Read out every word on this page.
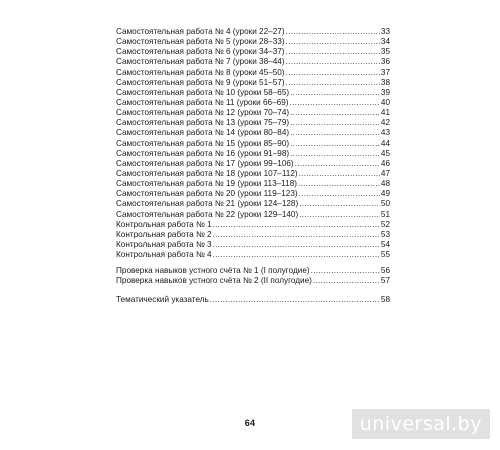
Самостоятельная работа № 4 (уроки 22–27) .....	33
Самостоятельная работа № 5 (уроки 28–33) .....	34
Самостоятельная работа № 6 (уроки 34–37) .....	35
Самостоятельная работа № 7 (уроки 38–44) .....	36
Самостоятельная работа № 8 (уроки 45–50) .....	37
Самостоятельная работа № 9 (уроки 51–57) .....	38
Самостоятельная работа № 10 (уроки 58–65) .....	39
Самостоятельная работа № 11 (уроки 66–69) .....	40
Самостоятельная работа № 12 (уроки 70–74) .....	41
Самостоятельная работа № 13 (уроки 75–79) .....	42
Самостоятельная работа № 14 (уроки 80–84) .....	43
Самостоятельная работа № 15 (уроки 85–90) .....	44
Самостоятельная работа № 16 (уроки 91–98) .....	45
Самостоятельная работа № 17 (уроки 99–106) .....	46
Самостоятельная работа № 18 (уроки 107–112) .....	47
Самостоятельная работа № 19 (уроки 113–118) .....	48
Самостоятельная работа № 20 (уроки 119–123) .....	49
Самостоятельная работа № 21 (уроки 124–128) .....	50
Самостоятельная работа № 22 (уроки 129–140) .....	51
Контрольная работа № 1 .....	52
Контрольная работа № 2 .....	53
Контрольная работа № 3 .....	54
Контрольная работа № 4 .....	55
Проверка навыков устного счёта № 1 (I полугодие) .....	56
Проверка навыков устного счёта № 2 (II полугодие) .....	57
Тематический указатель .....	58
64	universal.by
